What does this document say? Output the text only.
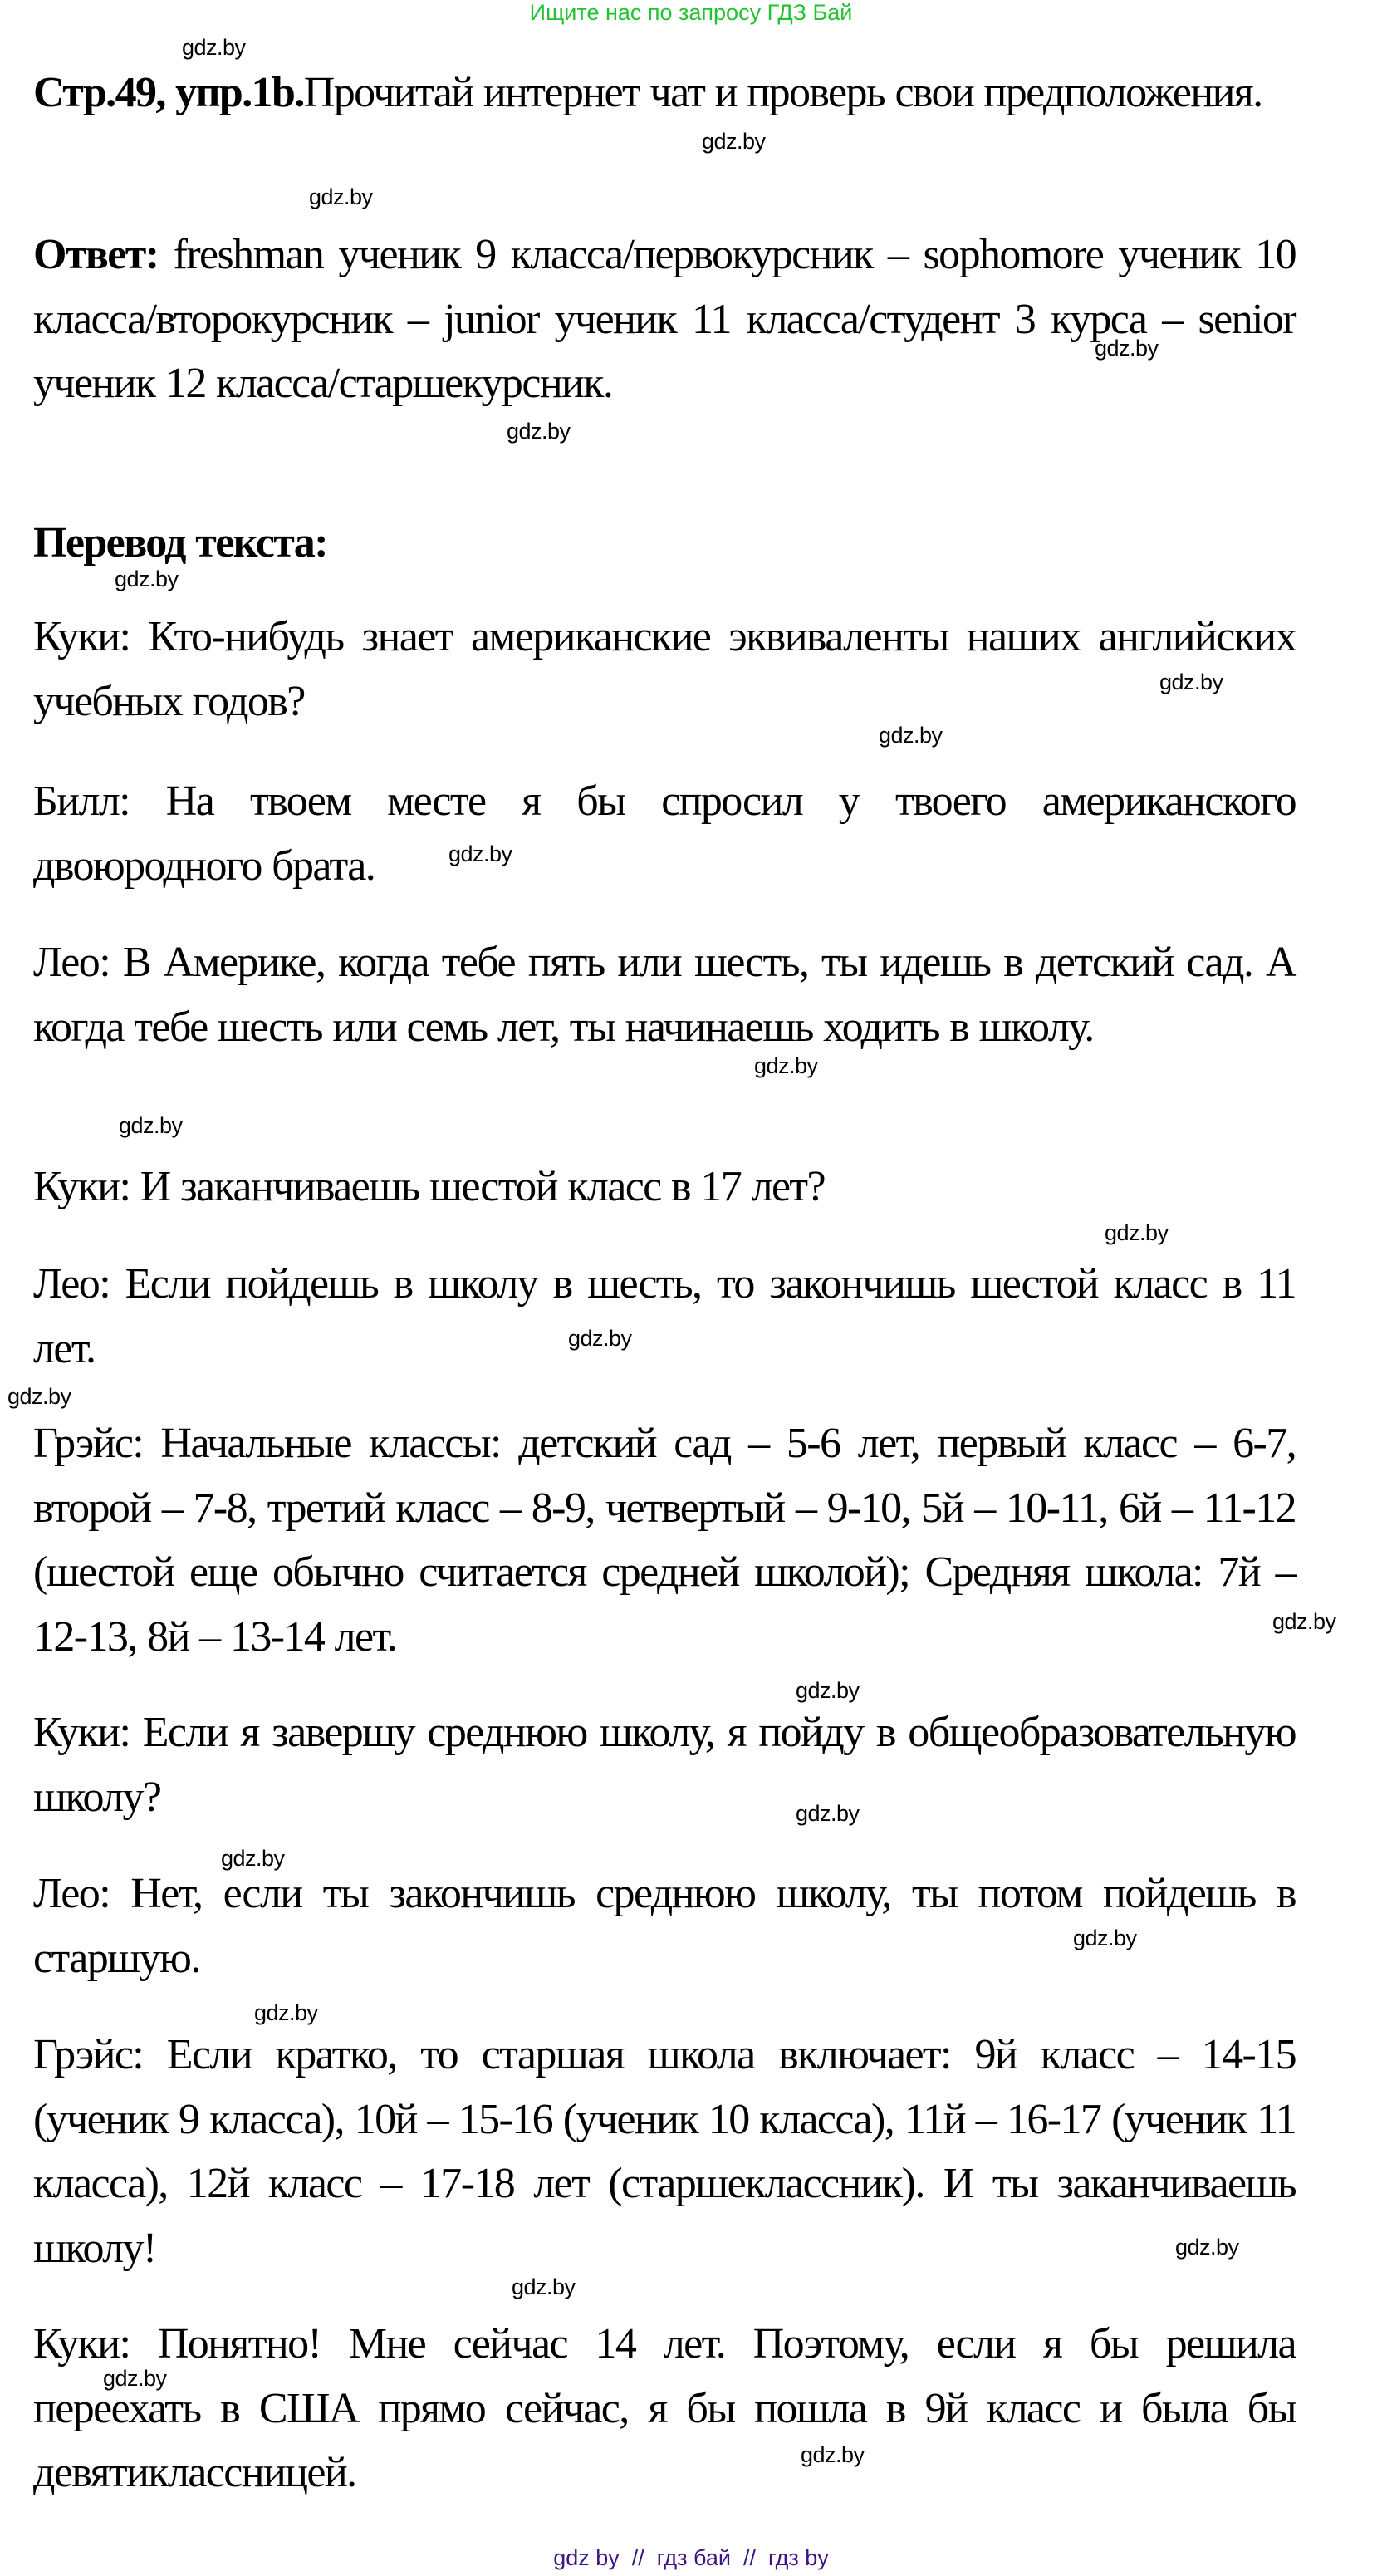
Ищите нас по запросу ГДЗ Бай
Стр.49, упр.1b.Прочитай интернет чат и проверь свои предположения.
Ответ: freshman ученик 9 класса/первокурсник – sophomore ученик 10 класса/второкурсник – junior ученик 11 класса/студент 3 курса – senior ученик 12 класса/старшекурсник.
Перевод текста:
Куки: Кто-нибудь знает американские эквиваленты наших английских учебных годов?
Билл: На твоем месте я бы спросил у твоего американского двоюродного брата.
Лео: В Америке, когда тебе пять или шесть, ты идешь в детский сад. А когда тебе шесть или семь лет, ты начинаешь ходить в школу.
Куки: И заканчиваешь шестой класс в 17 лет?
Лео: Если пойдешь в школу в шесть, то закончишь шестой класс в 11 лет.
Грэйс: Начальные классы: детский сад – 5-6 лет, первый класс – 6-7, второй – 7-8, третий класс – 8-9, четвертый – 9-10, 5й – 10-11, 6й – 11-12 (шестой еще обычно считается средней школой); Средняя школа: 7й – 12-13, 8й – 13-14 лет.
Куки: Если я завершу среднюю школу, я пойду в общеобразовательную школу?
Лео: Нет, если ты закончишь среднюю школу, ты потом пойдешь в старшую.
Грэйс: Если кратко, то старшая школа включает: 9й класс – 14-15 (ученик 9 класса), 10й – 15-16 (ученик 10 класса), 11й – 16-17 (ученик 11 класса), 12й класс – 17-18 лет (старшеклассник). И ты заканчиваешь школу!
Куки: Понятно! Мне сейчас 14 лет. Поэтому, если я бы решила переехать в США прямо сейчас, я бы пошла в 9й класс и была бы девятиклассницей.
gdz.by
gdz.by
gdz.by
gdz.by
gdz.by
gdz.by
gdz.by
gdz.by
gdz.by
gdz.by
gdz.by
gdz.by
gdz.by
gdz.by
gdz.by
gdz.by
gdz.by
gdz.by
gdz.by
gdz.by
gdz.by
gdz.by
gdz.by
gdz.by
gdz by  //  гдз бай  //  гдз by
